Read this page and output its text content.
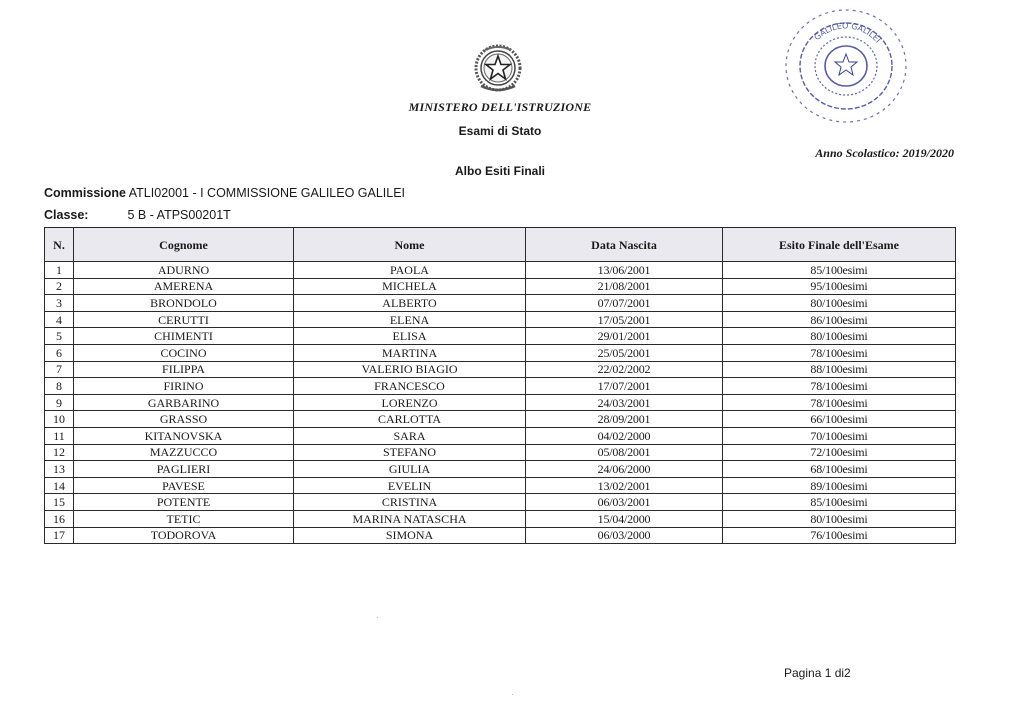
GALILEO GALILEI
MINISTERO DELL'ISTRUZIONE
Esami di Stato
Anno Scolastico: 2019/2020
Albo Esiti Finali
Commissione ATLI02001 - I COMMISSIONE GALILEO GALILEI
Classe:	5 B - ATPS00201T
N.	Cognome	Nome	Data Nascita	Esito Finale dell'Esame
1	ADURNO	PAOLA	13/06/2001	85/100esimi
2	AMERENA	MICHELA	21/08/2001	95/100esimi
3	BRONDOLO	ALBERTO	07/07/2001	80/100esimi
4	CERUTTI	ELENA	17/05/2001	86/100esimi
5	CHIMENTI	ELISA	29/01/2001	80/100esimi
6	COCINO	MARTINA	25/05/2001	78/100esimi
7	FILIPPA	VALERIO BIAGIO	22/02/2002	88/100esimi
8	FIRINO	FRANCESCO	17/07/2001	78/100esimi
9	GARBARINO	LORENZO	24/03/2001	78/100esimi
10	GRASSO	CARLOTTA	28/09/2001	66/100esimi
11	KITANOVSKA	SARA	04/02/2000	70/100esimi
12	MAZZUCCO	STEFANO	05/08/2001	72/100esimi
13	PAGLIERI	GIULIA	24/06/2000	68/100esimi
14	PAVESE	EVELIN	13/02/2001	89/100esimi
15	POTENTE	CRISTINA	06/03/2001	85/100esimi
16	TETIC	MARINA NATASCHA	15/04/2000	80/100esimi
17	TODOROVA	SIMONA	06/03/2000	76/100esimi
Pagina 1 di2
